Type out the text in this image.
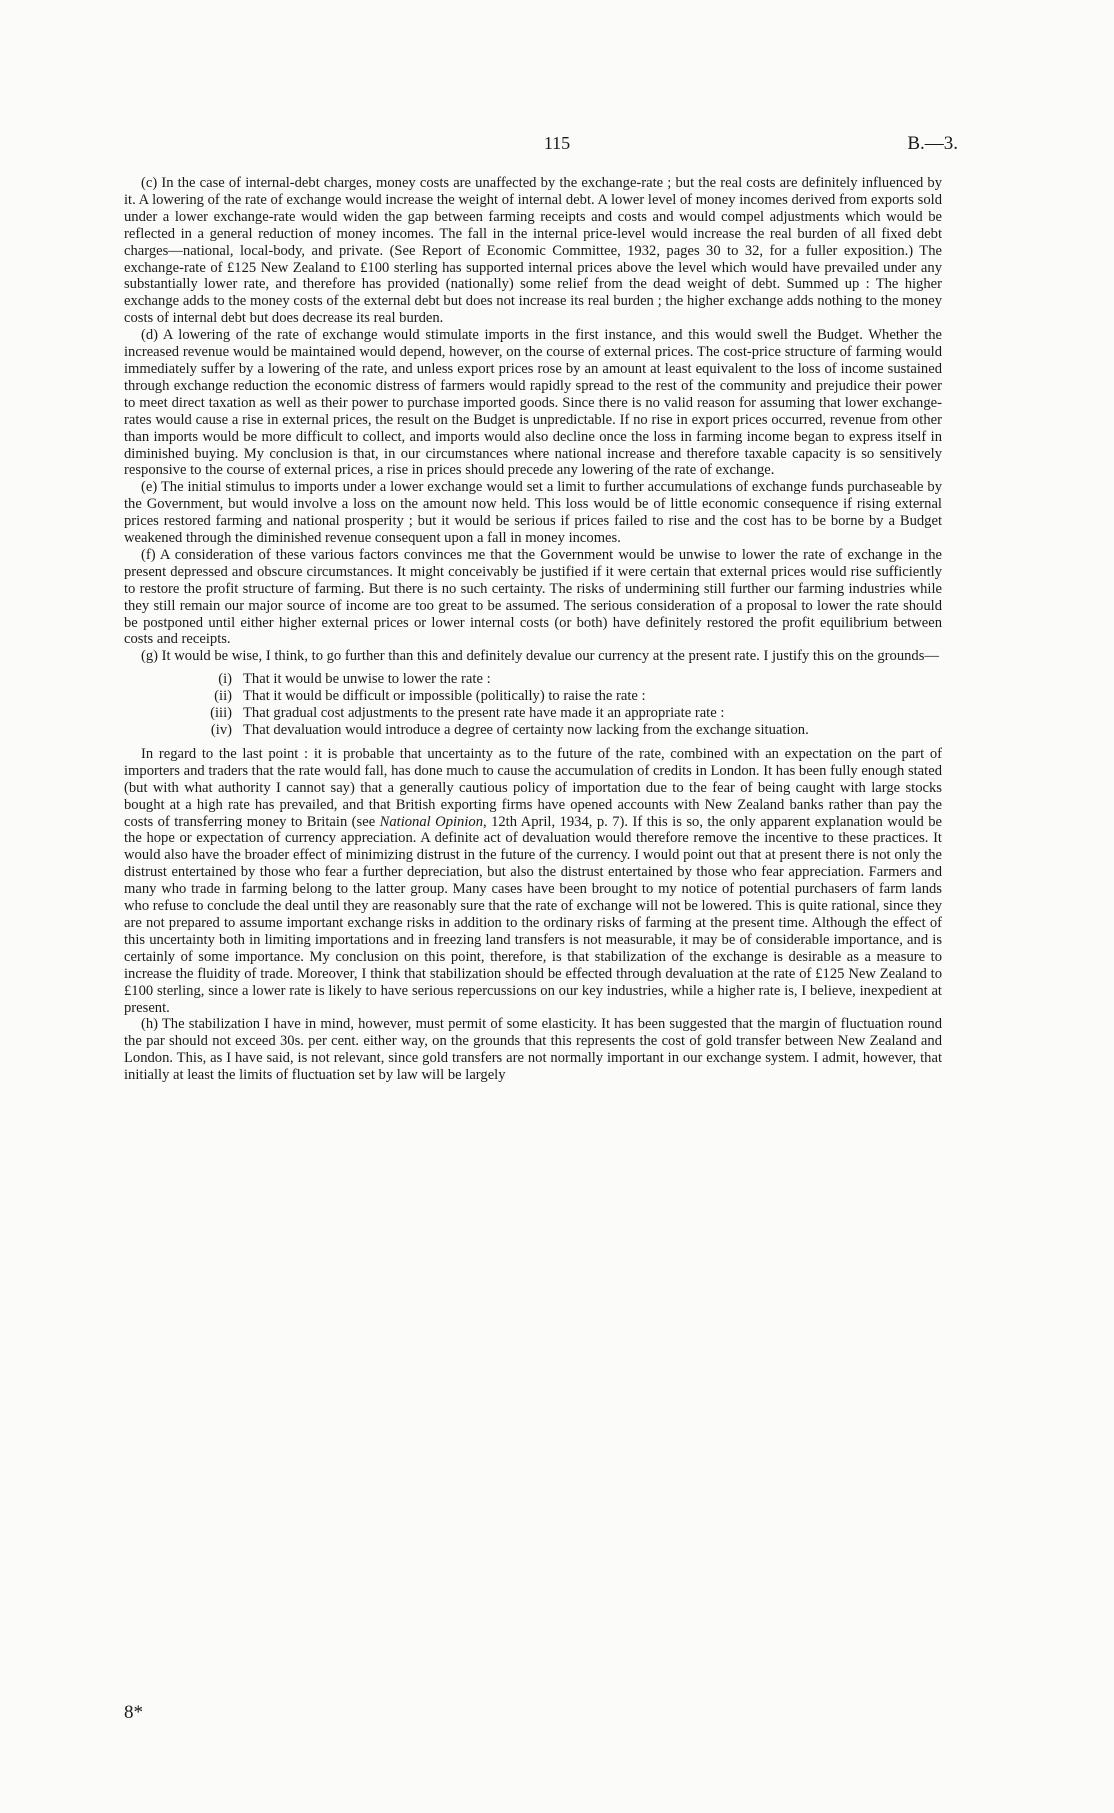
115	B.—3.

(c) In the case of internal-debt charges, money costs are unaffected by the exchange-rate ; but the real costs are definitely influenced by it. A lowering of the rate of exchange would increase the weight of internal debt. A lower level of money incomes derived from exports sold under a lower exchange-rate would widen the gap between farming receipts and costs and would compel adjustments which would be reflected in a general reduction of money incomes. The fall in the internal price-level would increase the real burden of all fixed debt charges—national, local-body, and private. (See Report of Economic Committee, 1932, pages 30 to 32, for a fuller exposition.) The exchange-rate of £125 New Zealand to £100 sterling has supported internal prices above the level which would have prevailed under any substantially lower rate, and therefore has provided (nationally) some relief from the dead weight of debt. Summed up : The higher exchange adds to the money costs of the external debt but does not increase its real burden ; the higher exchange adds nothing to the money costs of internal debt but does decrease its real burden.

(d) A lowering of the rate of exchange would stimulate imports in the first instance, and this would swell the Budget. Whether the increased revenue would be maintained would depend, however, on the course of external prices. The cost-price structure of farming would immediately suffer by a lowering of the rate, and unless export prices rose by an amount at least equivalent to the loss of income sustained through exchange reduction the economic distress of farmers would rapidly spread to the rest of the community and prejudice their power to meet direct taxation as well as their power to purchase imported goods. Since there is no valid reason for assuming that lower exchange-rates would cause a rise in external prices, the result on the Budget is unpredictable. If no rise in export prices occurred, revenue from other than imports would be more difficult to collect, and imports would also decline once the loss in farming income began to express itself in diminished buying. My conclusion is that, in our circumstances where national increase and therefore taxable capacity is so sensitively responsive to the course of external prices, a rise in prices should precede any lowering of the rate of exchange.

(e) The initial stimulus to imports under a lower exchange would set a limit to further accumulations of exchange funds purchaseable by the Government, but would involve a loss on the amount now held. This loss would be of little economic consequence if rising external prices restored farming and national prosperity ; but it would be serious if prices failed to rise and the cost has to be borne by a Budget weakened through the diminished revenue consequent upon a fall in money incomes.

(f) A consideration of these various factors convinces me that the Government would be unwise to lower the rate of exchange in the present depressed and obscure circumstances. It might conceivably be justified if it were certain that external prices would rise sufficiently to restore the profit structure of farming. But there is no such certainty. The risks of undermining still further our farming industries while they still remain our major source of income are too great to be assumed. The serious consideration of a proposal to lower the rate should be postponed until either higher external prices or lower internal costs (or both) have definitely restored the profit equilibrium between costs and receipts.

(g) It would be wise, I think, to go further than this and definitely devalue our currency at the present rate. I justify this on the grounds—

(i) That it would be unwise to lower the rate :
(ii) That it would be difficult or impossible (politically) to raise the rate :
(iii) That gradual cost adjustments to the present rate have made it an appropriate rate :
(iv) That devaluation would introduce a degree of certainty now lacking from the exchange situation.

In regard to the last point : it is probable that uncertainty as to the future of the rate, combined with an expectation on the part of importers and traders that the rate would fall, has done much to cause the accumulation of credits in London. It has been fully enough stated (but with what authority I cannot say) that a generally cautious policy of importation due to the fear of being caught with large stocks bought at a high rate has prevailed, and that British exporting firms have opened accounts with New Zealand banks rather than pay the costs of transferring money to Britain (see National Opinion, 12th April, 1934, p. 7). If this is so, the only apparent explanation would be the hope or expectation of currency appreciation. A definite act of devaluation would therefore remove the incentive to these practices. It would also have the broader effect of minimizing distrust in the future of the currency. I would point out that at present there is not only the distrust entertained by those who fear a further depreciation, but also the distrust entertained by those who fear appreciation. Farmers and many who trade in farming belong to the latter group. Many cases have been brought to my notice of potential purchasers of farm lands who refuse to conclude the deal until they are reasonably sure that the rate of exchange will not be lowered. This is quite rational, since they are not prepared to assume important exchange risks in addition to the ordinary risks of farming at the present time. Although the effect of this uncertainty both in limiting importations and in freezing land transfers is not measurable, it may be of considerable importance, and is certainly of some importance. My conclusion on this point, therefore, is that stabilization of the exchange is desirable as a measure to increase the fluidity of trade. Moreover, I think that stabilization should be effected through devaluation at the rate of £125 New Zealand to £100 sterling, since a lower rate is likely to have serious repercussions on our key industries, while a higher rate is, I believe, inexpedient at present.

(h) The stabilization I have in mind, however, must permit of some elasticity. It has been suggested that the margin of fluctuation round the par should not exceed 30s. per cent. either way, on the grounds that this represents the cost of gold transfer between New Zealand and London. This, as I have said, is not relevant, since gold transfers are not normally important in our exchange system. I admit, however, that initially at least the limits of fluctuation set by law will be largely

8*
